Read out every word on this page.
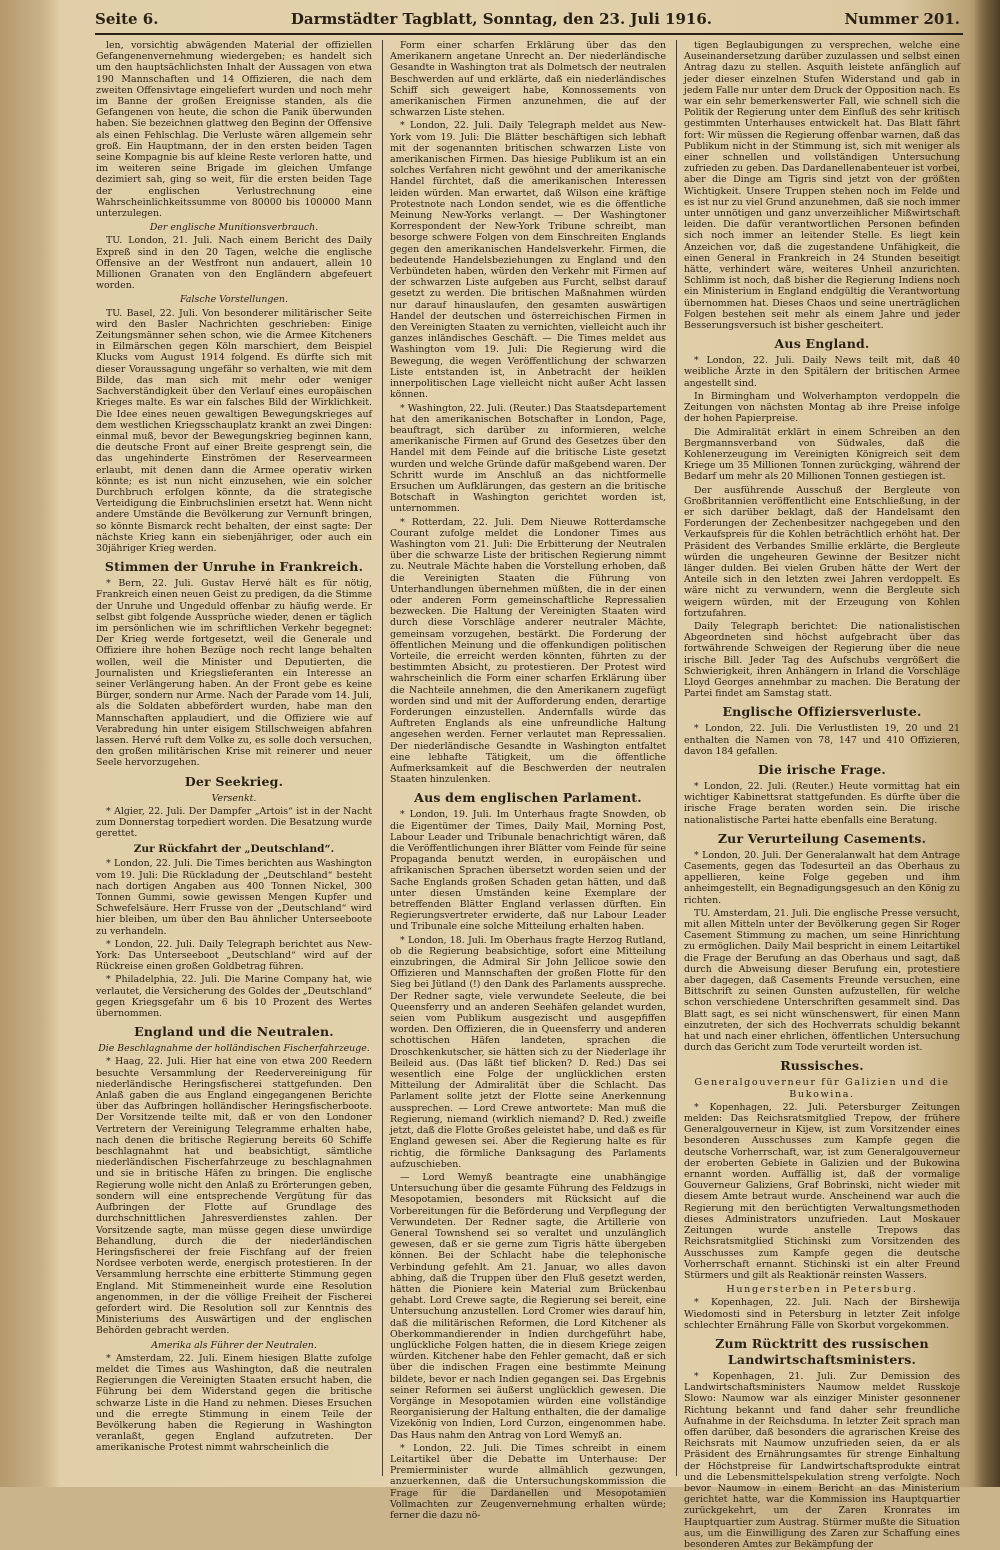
Seite 6.	Darmstädter Tagblatt, Sonntag, den 23. Juli 1916.	Nummer 201.

len, vorsichtig abwägenden Material der offiziellen Gefangenenvernehmung wiedergeben; es handelt sich um den hauptsächlichsten Inhalt der Aussagen von etwa 190 Mannschaften und 14 Offizieren, die nach dem zweiten Offensivtage eingeliefert wurden und noch mehr im Banne der großen Ereignisse standen, als die Gefangenen von heute, die schon die Panik überwunden haben. Sie bezeichnen glattweg den Beginn der Offensive als einen Fehlschlag. Die Verluste wären allgemein sehr groß. Ein Hauptmann, der in den ersten beiden Tagen seine Kompagnie bis auf kleine Reste verloren hatte, und im weiteren seine Brigade im gleichen Umfange dezimiert sah, ging so weit, für die ersten beiden Tage der englischen Verlustrechnung eine Wahrscheinlichkeitssumme von 80000 bis 100000 Mann unterzulegen.

Der englische Munitionsverbrauch.

TU. London, 21. Juli. Nach einem Bericht des Daily Expreß sind in den 20 Tagen, welche die englische Offensive an der Westfront nun andauert, allein 10 Millionen Granaten von den Engländern abgefeuert worden.

Falsche Vorstellungen.

TU. Basel, 22. Juli. Von besonderer militärischer Seite wird den Basler Nachrichten geschrieben: Einige Zeitungsmänner sehen schon, wie die Armee Kitcheners in Eilmärschen gegen Köln marschiert, dem Beispiel Klucks vom August 1914 folgend. Es dürfte sich mit dieser Voraussagung ungefähr so verhalten, wie mit dem Bilde, das man sich mit mehr oder weniger Sachverständigkeit über den Verlauf eines europäischen Krieges malte. Es war ein falsches Bild der Wirklichkeit. Die Idee eines neuen gewaltigen Bewegungskrieges auf dem westlichen Kriegsschauplatz krankt an zwei Dingen: einmal muß, bevor der Bewegungskrieg beginnen kann, die deutsche Front auf einer Breite gesprengt sein, die das ungehinderte Einströmen der Reservearmeen erlaubt, mit denen dann die Armee operativ wirken könnte; es ist nun nicht einzusehen, wie ein solcher Durchbruch erfolgen könnte, da die strategische Verteidigung die Einbruchslinien ersetzt hat. Wenn nicht andere Umstände die Bevölkerung zur Vernunft bringen, so könnte Bismarck recht behalten, der einst sagte: Der nächste Krieg kann ein siebenjähriger, oder auch ein 30jähriger Krieg werden.

Stimmen der Unruhe in Frankreich.

* Bern, 22. Juli. Gustav Hervé hält es für nötig, Frankreich einen neuen Geist zu predigen, da die Stimme der Unruhe und Ungeduld offenbar zu häufig werde. Er selbst gibt folgende Aussprüche wieder, denen er täglich im persönlichen wie im schriftlichen Verkehr begegnet: Der Krieg werde fortgesetzt, weil die Generale und Offiziere ihre hohen Bezüge noch recht lange behalten wollen, weil die Minister und Deputierten, die Journalisten und Kriegslieferanten ein Interesse an seiner Verlängerung haben. An der Front gebe es keine Bürger, sondern nur Arme. Nach der Parade vom 14. Juli, als die Soldaten abbefördert wurden, habe man den Mannschaften applaudiert, und die Offiziere wie auf Verabredung hin unter eisigem Stillschweigen abfahren lassen. Hervé ruft dem Volke zu, es solle doch versuchen, den großen militärischen Krise mit reinerer und neuer Seele hervorzugehen.

Der Seekrieg.
Versenkt.

* Algier, 22. Juli. Der Dampfer „Artois“ ist in der Nacht zum Donnerstag torpediert worden. Die Besatzung wurde gerettet.

Zur Rückfahrt der „Deutschland“.

* London, 22. Juli. Die Times berichten aus Washington vom 19. Juli: Die Rückladung der „Deutschland“ besteht nach dortigen Angaben aus 400 Tonnen Nickel, 300 Tonnen Gummi, sowie gewissen Mengen Kupfer und Schwefelsäure. Herr Frusse von der „Deutschland“ wird hier bleiben, um über den Bau ähnlicher Unterseeboote zu verhandeln.

* London, 22. Juli. Daily Telegraph berichtet aus New-York: Das Unterseeboot „Deutschland“ wird auf der Rückreise einen großen Goldbetrag führen.

* Philadelphia, 22. Juli. Die Marine Company hat, wie verlautet, die Versicherung des Goldes der „Deutschland“ gegen Kriegsgefahr um 6 bis 10 Prozent des Wertes übernommen.

England und die Neutralen.
Die Beschlagnahme der holländischen Fischerfahrzeuge.

* Haag, 22. Juli. Hier hat eine von etwa 200 Reedern besuchte Versammlung der Reedervereinigung für niederländische Heringsfischerei stattgefunden. Den Anlaß gaben die aus England eingegangenen Berichte über das Aufbringen holländischer Heringsfischerboote. Der Vorsitzende teilte mit, daß er von den Londoner Vertretern der Vereinigung Telegramme erhalten habe, nach denen die britische Regierung bereits 60 Schiffe beschlagnahmt hat und beabsichtigt, sämtliche niederländischen Fischerfahrzeuge zu beschlagnahmen und sie in britische Häfen zu bringen. Die englische Regierung wolle nicht den Anlaß zu Erörterungen geben, sondern will eine entsprechende Vergütung für das Aufbringen der Flotte auf Grundlage des durchschnittlichen Jahresverdienstes zahlen. Der Vorsitzende sagte, man müsse gegen diese unwürdige Behandlung, durch die der niederländischen Heringsfischerei der freie Fischfang auf der freien Nordsee verboten werde, energisch protestieren. In der Versammlung herrschte eine erbitterte Stimmung gegen England. Mit Stimmeneinheit wurde eine Resolution angenommen, in der die völlige Freiheit der Fischerei gefordert wird. Die Resolution soll zur Kenntnis des Ministeriums des Auswärtigen und der englischen Behörden gebracht werden.

Amerika als Führer der Neutralen.

* Amsterdam, 22. Juli. Einem hiesigen Blatte zufolge meldet die Times aus Washington, daß die neutralen Regierungen die Vereinigten Staaten ersucht haben, die Führung bei dem Widerstand gegen die britische schwarze Liste in die Hand zu nehmen. Dieses Ersuchen und die erregte Stimmung in einem Teile der Bevölkerung haben die Regierung in Washington veranlaßt, gegen England aufzutreten. Der amerikanische Protest nimmt wahrscheinlich die

Form einer scharfen Erklärung über das den Amerikanern angetane Unrecht an. Der niederländische Gesandte in Washington trat als Dolmetsch der neutralen Beschwerden auf und erklärte, daß ein niederländisches Schiff sich geweigert habe, Konnossements von amerikanischen Firmen anzunehmen, die auf der schwarzen Liste stehen.

* London, 22. Juli. Daily Telegraph meldet aus New-York vom 19. Juli: Die Blätter beschäftigen sich lebhaft mit der sogenannten britischen schwarzen Liste von amerikanischen Firmen. Das hiesige Publikum ist an ein solches Verfahren nicht gewöhnt und der amerikanische Handel fürchtet, daß die amerikanischen Interessen leiden würden. Man erwartet, daß Wilson eine kräftige Protestnote nach London sendet, wie es die öffentliche Meinung New-Yorks verlangt. — Der Washingtoner Korrespondent der New-York Tribune schreibt, man besorge schwere Folgen von dem Einschreiten Englands gegen den amerikanischen Handelsverkehr. Firmen, die bedeutende Handelsbeziehungen zu England und den Verbündeten haben, würden den Verkehr mit Firmen auf der schwarzen Liste aufgeben aus Furcht, selbst darauf gesetzt zu werden. Die britischen Maßnahmen würden nur darauf hinauslaufen, den gesamten auswärtigen Handel der deutschen und österreichischen Firmen in den Vereinigten Staaten zu vernichten, vielleicht auch ihr ganzes inländisches Geschäft. — Die Times meldet aus Washington vom 19. Juli: Die Regierung wird die Bewegung, die wegen Veröffentlichung der schwarzen Liste entstanden ist, in Anbetracht der heiklen innerpolitischen Lage vielleicht nicht außer Acht lassen können.

* Washington, 22. Juli. (Reuter.) Das Staatsdepartement hat den amerikanischen Botschafter in London, Page, beauftragt, sich darüber zu informieren, welche amerikanische Firmen auf Grund des Gesetzes über den Handel mit dem Feinde auf die britische Liste gesetzt wurden und welche Gründe dafür maßgebend waren. Der Schritt wurde im Anschluß an das nichtformelle Ersuchen um Aufklärungen, das gestern an die britische Botschaft in Washington gerichtet worden ist, unternommen.

* Rotterdam, 22. Juli. Dem Nieuwe Rotterdamsche Courant zufolge meldet die Londoner Times aus Washington vom 21. Juli: Die Erbitterung der Neutralen über die schwarze Liste der britischen Regierung nimmt zu. Neutrale Mächte haben die Vorstellung erhoben, daß die Vereinigten Staaten die Führung von Unterhandlungen übernehmen müßten, die in der einen oder anderen Form gemeinschaftliche Repressalien bezwecken. Die Haltung der Vereinigten Staaten wird durch diese Vorschläge anderer neutraler Mächte, gemeinsam vorzugehen, bestärkt. Die Forderung der öffentlichen Meinung und die offenkundigen politischen Vorteile, die erreicht werden könnten, führten zu der bestimmten Absicht, zu protestieren. Der Protest wird wahrscheinlich die Form einer scharfen Erklärung über die Nachteile annehmen, die den Amerikanern zugefügt worden sind und mit der Aufforderung enden, derartige Forderungen einzustellen. Andernfalls würde das Auftreten Englands als eine unfreundliche Haltung angesehen werden. Ferner verlautet man Repressalien. Der niederländische Gesandte in Washington entfaltet eine lebhafte Tätigkeit, um die öffentliche Aufmerksamkeit auf die Beschwerden der neutralen Staaten hinzulenken.

Aus dem englischen Parlament.

* London, 19. Juli. Im Unterhaus fragte Snowden, ob die Eigentümer der Times, Daily Mail, Morning Post, Labour Leader und Tribunale benachrichtigt wären, daß die Veröffentlichungen ihrer Blätter vom Feinde für seine Propaganda benutzt werden, in europäischen und afrikanischen Sprachen übersetzt worden seien und der Sache Englands großen Schaden getan hätten, und daß unter diesen Umständen keine Exemplare der betreffenden Blätter England verlassen dürften. Ein Regierungsvertreter erwiderte, daß nur Labour Leader und Tribunale eine solche Mitteilung erhalten haben.

* London, 18. Juli. Im Oberhaus fragte Herzog Rutland, ob die Regierung beabsichtige, sofort eine Mitteilung einzubringen, die Admiral Sir John Jellicoe sowie den Offizieren und Mannschaften der großen Flotte für den Sieg bei Jütland (!) den Dank des Parlaments ausspreche. Der Redner sagte, viele verwundete Seeleute, die bei Queensferry und an anderen Seehäfen gelandet wurden, seien vom Publikum ausgezischt und ausgepfiffen worden. Den Offizieren, die in Queensferry und anderen schottischen Häfen landeten, sprachen die Droschkenkutscher, sie hätten sich zu der Niederlage ihr Beileid aus. (Das läßt tief blicken? D. Red.) Das sei wesentlich eine Folge der unglücklichen ersten Mitteilung der Admiralität über die Schlacht. Das Parlament sollte jetzt der Flotte seine Anerkennung aussprechen. — Lord Crewe antwortete: Man muß die Regierung, niemand (wirklich niemand? D. Red.) zweifle jetzt, daß die Flotte Großes geleistet habe, und daß es für England gewesen sei. Aber die Regierung halte es für richtig, die förmliche Danksagung des Parlaments aufzuschieben.

— Lord Wemyß beantragte eine unabhängige Untersuchung über die gesamte Führung des Feldzugs in Mesopotamien, besonders mit Rücksicht auf die Vorbereitungen für die Beförderung und Verpflegung der Verwundeten. Der Redner sagte, die Artillerie von General Townshend sei so veraltet und unzulänglich gewesen, daß er sie gerne zum Tigris hätte übergeben können. Bei der Schlacht habe die telephonische Verbindung gefehlt. Am 21. Januar, wo alles davon abhing, daß die Truppen über den Fluß gesetzt werden, hätten die Pioniere kein Material zum Brückenbau gehabt. Lord Crewe sagte, die Regierung sei bereit, eine Untersuchung anzustellen. Lord Cromer wies darauf hin, daß die militärischen Reformen, die Lord Kitchener als Oberkommandierender in Indien durchgeführt habe, unglückliche Folgen hatten, die in diesem Kriege zeigen würden. Kitchener habe den Fehler gemacht, daß er sich über die indischen Fragen eine bestimmte Meinung bildete, bevor er nach Indien gegangen sei. Das Ergebnis seiner Reformen sei äußerst unglücklich gewesen. Die Vorgänge in Mesopotamien würden eine vollständige Reorganisierung der Haltung enthalten, die der damalige Vizekönig von Indien, Lord Curzon, eingenommen habe. Das Haus nahm den Antrag von Lord Wemyß an.

* London, 22. Juli. Die Times schreibt in einem Leitartikel über die Debatte im Unterhause: Der Premierminister wurde allmählich gezwungen, anzuerkennen, daß die Untersuchungskommission die Frage für die Dardanellen und Mesopotamien Vollmachten zur Zeugenvernehmung erhalten würde; ferner die dazu nö-

tigen Beglaubigungen zu versprechen, welche eine Auseinandersetzung darüber zuzulassen und selbst einen Antrag dazu zu stellen. Asquith leistete anfänglich auf jeder dieser einzelnen Stufen Widerstand und gab in jedem Falle nur unter dem Druck der Opposition nach. Es war ein sehr bemerkenswerter Fall, wie schnell sich die Politik der Regierung unter dem Einfluß des sehr kritisch gestimmten Unterhauses entwickelt hat. Das Blatt fährt fort: Wir müssen die Regierung offenbar warnen, daß das Publikum nicht in der Stimmung ist, sich mit weniger als einer schnellen und vollständigen Untersuchung zufrieden zu geben. Das Dardanellenabenteuer ist vorbei, aber die Dinge am Tigris sind jetzt von der größten Wichtigkeit. Unsere Truppen stehen noch im Felde und es ist nur zu viel Grund anzunehmen, daß sie noch immer unter unnötigen und ganz unverzeihlicher Mißwirtschaft leiden. Die dafür verantwortlichen Personen befinden sich noch immer an leitender Stelle. Es liegt kein Anzeichen vor, daß die zugestandene Unfähigkeit, die einen General in Frankreich in 24 Stunden beseitigt hätte, verhindert wäre, weiteres Unheil anzurichten. Schlimm ist noch, daß bisher die Regierung Indiens noch ein Ministerium in England endgültig die Verantwortung übernommen hat. Dieses Chaos und seine unerträglichen Folgen bestehen seit mehr als einem Jahre und jeder Besserungsversuch ist bisher gescheitert.

Aus England.

* London, 22. Juli. Daily News teilt mit, daß 40 weibliche Ärzte in den Spitälern der britischen Armee angestellt sind.

In Birmingham und Wolverhampton verdoppeln die Zeitungen von nächsten Montag ab ihre Preise infolge der hohen Papierpreise.

Die Admiralität erklärt in einem Schreiben an den Bergmannsverband von Südwales, daß die Kohlenerzeugung im Vereinigten Königreich seit dem Kriege um 35 Millionen Tonnen zurückging, während der Bedarf um mehr als 20 Millionen Tonnen gestiegen ist.

Der ausführende Ausschuß der Bergleute von Großbritannien veröffentlicht eine Entschließung, in der er sich darüber beklagt, daß der Handelsamt den Forderungen der Zechenbesitzer nachgegeben und den Verkaufspreis für die Kohlen beträchtlich erhöht hat. Der Präsident des Verbandes Smillie erklärte, die Bergleute würden die ungeheuren Gewinne der Besitzer nicht länger dulden. Bei vielen Gruben hätte der Wert der Anteile sich in den letzten zwei Jahren verdoppelt. Es wäre nicht zu verwundern, wenn die Bergleute sich weigern würden, mit der Erzeugung von Kohlen fortzufahren.

Daily Telegraph berichtet: Die nationalistischen Abgeordneten sind höchst aufgebracht über das fortwährende Schweigen der Regierung über die neue irische Bill. Jeder Tag des Aufschubs vergrößert die Schwierigkeit, ihren Anhängern in Irland die Vorschläge Lloyd Georges annehmbar zu machen. Die Beratung der Partei findet am Samstag statt.

Englische Offiziersverluste.

* London, 22. Juli. Die Verlustlisten 19, 20 und 21 enthalten die Namen von 78, 147 und 410 Offizieren, davon 184 gefallen.

Die irische Frage.

* London, 22. Juli. (Reuter.) Heute vormittag hat ein wichtiger Kabinettsrat stattgefunden. Es dürfte über die irische Frage beraten worden sein. Die irische nationalistische Partei hatte ebenfalls eine Beratung.

Zur Verurteilung Casements.

* London, 20. Juli. Der Generalanwalt hat dem Antrage Casements, gegen das Todesurteil an das Oberhaus zu appellieren, keine Folge gegeben und ihm anheimgestellt, ein Begnadigungsgesuch an den König zu richten.

TU. Amsterdam, 21. Juli. Die englische Presse versucht, mit allen Mitteln unter der Bevölkerung gegen Sir Roger Casement Stimmung zu machen, um seine Hinrichtung zu ermöglichen. Daily Mail bespricht in einem Leitartikel die Frage der Berufung an das Oberhaus und sagt, daß durch die Abweisung dieser Berufung ein, protestiere aber dagegen, daß Casements Freunde versuchen, eine Bittschrift zu seinen Gunsten aufzustellen, für welche schon verschiedene Unterschriften gesammelt sind. Das Blatt sagt, es sei nicht wünschenswert, für einen Mann einzutreten, der sich des Hochverrats schuldig bekannt hat und nach einer ehrlichen, öffentlichen Untersuchung durch das Gericht zum Tode verurteilt worden ist.

Russisches.
Generalgouverneur für Galizien und die Bukowina.

* Kopenhagen, 22. Juli. Petersburger Zeitungen melden: Das Reichsratsmitglied Trepow, der frühere Generalgouverneur in Kijew, ist zum Vorsitzender eines besonderen Ausschusses zum Kampfe gegen die deutsche Vorherrschaft, war, ist zum Generalgouverneur der eroberten Gebiete in Galizien und der Bukowina ernannt worden. Auffällig ist, daß der vormalige Gouverneur Galiziens, Graf Bobrinski, nicht wieder mit diesem Amte betraut wurde. Anscheinend war auch die Regierung mit den berüchtigten Verwaltungsmethoden dieses Administrators unzufrieden. Laut Moskauer Zeitungen wurde anstelle Trepows das Reichsratsmitglied Stichinski zum Vorsitzenden des Ausschusses zum Kampfe gegen die deutsche Vorherrschaft ernannt. Stichinski ist ein alter Freund Stürmers und gilt als Reaktionär reinsten Wassers.

Hungersterben in Petersburg.

* Kopenhagen, 22. Juli. Nach der Birshewija Wiedomosti sind in Petersburg in letzter Zeit infolge schlechter Ernährung Fälle von Skorbut vorgekommen.

Zum Rücktritt des russischen Landwirtschaftsministers.

* Kopenhagen, 21. Juli. Zur Demission des Landwirtschaftsministers Naumow meldet Russkoje Slowo: Naumow war als einziger Minister gesonnener Richtung bekannt und fand daher sehr freundliche Aufnahme in der Reichsduma. In letzter Zeit sprach man offen darüber, daß besonders die agrarischen Kreise des Reichsrats mit Naumow unzufrieden seien, da er als Präsident des Ernährungsamtes für strenge Einhaltung der Höchstpreise für Landwirtschaftsprodukte eintrat und die Lebensmittelspekulation streng verfolgte. Noch bevor Naumow in einem Bericht an das Ministerium gerichtet hatte, war die Kommission ins Hauptquartier zurückgekehrt, um der Zaren Kronrates im Hauptquartier zum Austrag. Stürmer mußte die Situation aus, um die Einwilligung des Zaren zur Schaffung eines besonderen Amtes zur Bekämpfung der
